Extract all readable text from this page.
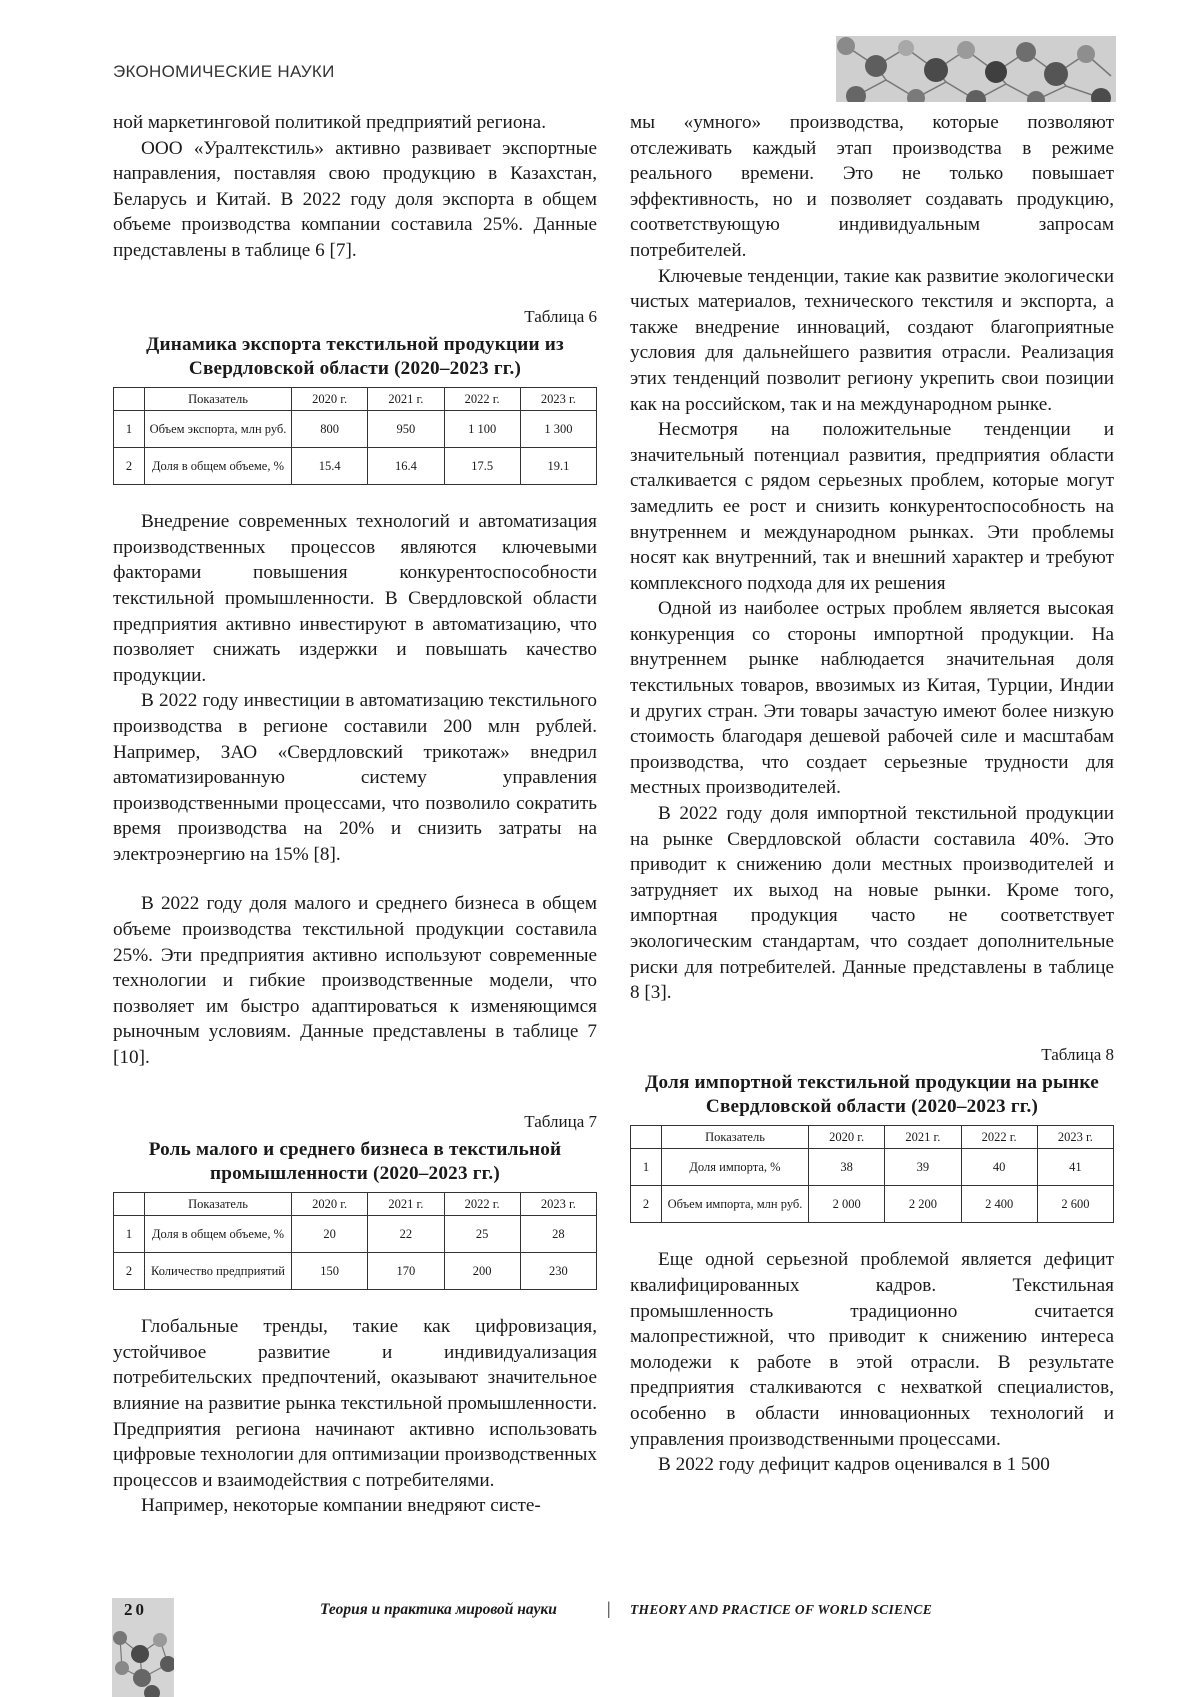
ЭКОНОМИЧЕСКИЕ НАУКИ

ной маркетинговой политикой предприятий региона.

ООО «Уралтекстиль» активно развивает экспортные направления, поставляя свою продукцию в Казахстан, Беларусь и Китай. В 2022 году доля экспорта в общем объеме производства компании составила 25%. Данные представлены в таблице 6 [7].

Таблица 6
Динамика экспорта текстильной продукции из Свердловской области (2020–2023 гг.)
	Показатель	2020 г.	2021 г.	2022 г.	2023 г.
1	Объем экспорта, млн руб.	800	950	1 100	1 300
2	Доля в общем объеме, %	15.4	16.4	17.5	19.1

Внедрение современных технологий и автоматизация производственных процессов являются ключевыми факторами повышения конкурентоспособности текстильной промышленности. В Свердловской области предприятия активно инвестируют в автоматизацию, что позволяет снижать издержки и повышать качество продукции.

В 2022 году инвестиции в автоматизацию текстильного производства в регионе составили 200 млн рублей. Например, ЗАО «Свердловский трикотаж» внедрил автоматизированную систему управления производственными процессами, что позволило сократить время производства на 20% и снизить затраты на электроэнергию на 15% [8].

В 2022 году доля малого и среднего бизнеса в общем объеме производства текстильной продукции составила 25%. Эти предприятия активно используют современные технологии и гибкие производственные модели, что позволяет им быстро адаптироваться к изменяющимся рыночным условиям. Данные представлены в таблице 7 [10].

Таблица 7
Роль малого и среднего бизнеса в текстильной промышленности (2020–2023 гг.)
	Показатель	2020 г.	2021 г.	2022 г.	2023 г.
1	Доля в общем объеме, %	20	22	25	28
2	Количество предприятий	150	170	200	230

Глобальные тренды, такие как цифровизация, устойчивое развитие и индивидуализация потребительских предпочтений, оказывают значительное влияние на развитие рынка текстильной промышленности. Предприятия региона начинают активно использовать цифровые технологии для оптимизации производственных процессов и взаимодействия с потребителями.

Например, некоторые компании внедряют систе-

мы «умного» производства, которые позволяют отслеживать каждый этап производства в режиме реального времени. Это не только повышает эффективность, но и позволяет создавать продукцию, соответствующую индивидуальным запросам потребителей.

Ключевые тенденции, такие как развитие экологически чистых материалов, технического текстиля и экспорта, а также внедрение инноваций, создают благоприятные условия для дальнейшего развития отрасли. Реализация этих тенденций позволит региону укрепить свои позиции как на российском, так и на международном рынке.

Несмотря на положительные тенденции и значительный потенциал развития, предприятия области сталкивается с рядом серьезных проблем, которые могут замедлить ее рост и снизить конкурентоспособность на внутреннем и международном рынках. Эти проблемы носят как внутренний, так и внешний характер и требуют комплексного подхода для их решения

Одной из наиболее острых проблем является высокая конкуренция со стороны импортной продукции. На внутреннем рынке наблюдается значительная доля текстильных товаров, ввозимых из Китая, Турции, Индии и других стран. Эти товары зачастую имеют более низкую стоимость благодаря дешевой рабочей силе и масштабам производства, что создает серьезные трудности для местных производителей.

В 2022 году доля импортной текстильной продукции на рынке Свердловской области составила 40%. Это приводит к снижению доли местных производителей и затрудняет их выход на новые рынки. Кроме того, импортная продукция часто не соответствует экологическим стандартам, что создает дополнительные риски для потребителей. Данные представлены в таблице 8 [3].

Таблица 8
Доля импортной текстильной продукции на рынке Свердловской области (2020–2023 гг.)
	Показатель	2020 г.	2021 г.	2022 г.	2023 г.
1	Доля импорта, %	38	39	40	41
2	Объем импорта, млн руб.	2 000	2 200	2 400	2 600

Еще одной серьезной проблемой является дефицит квалифицированных кадров. Текстильная промышленность традиционно считается малопрестижной, что приводит к снижению интереса молодежи к работе в этой отрасли. В результате предприятия сталкиваются с нехваткой специалистов, особенно в области инновационных технологий и управления производственными процессами.

В 2022 году дефицит кадров оценивался в 1 500

20	Теория и практика мировой науки	| THEORY AND PRACTICE OF WORLD SCIENCE
